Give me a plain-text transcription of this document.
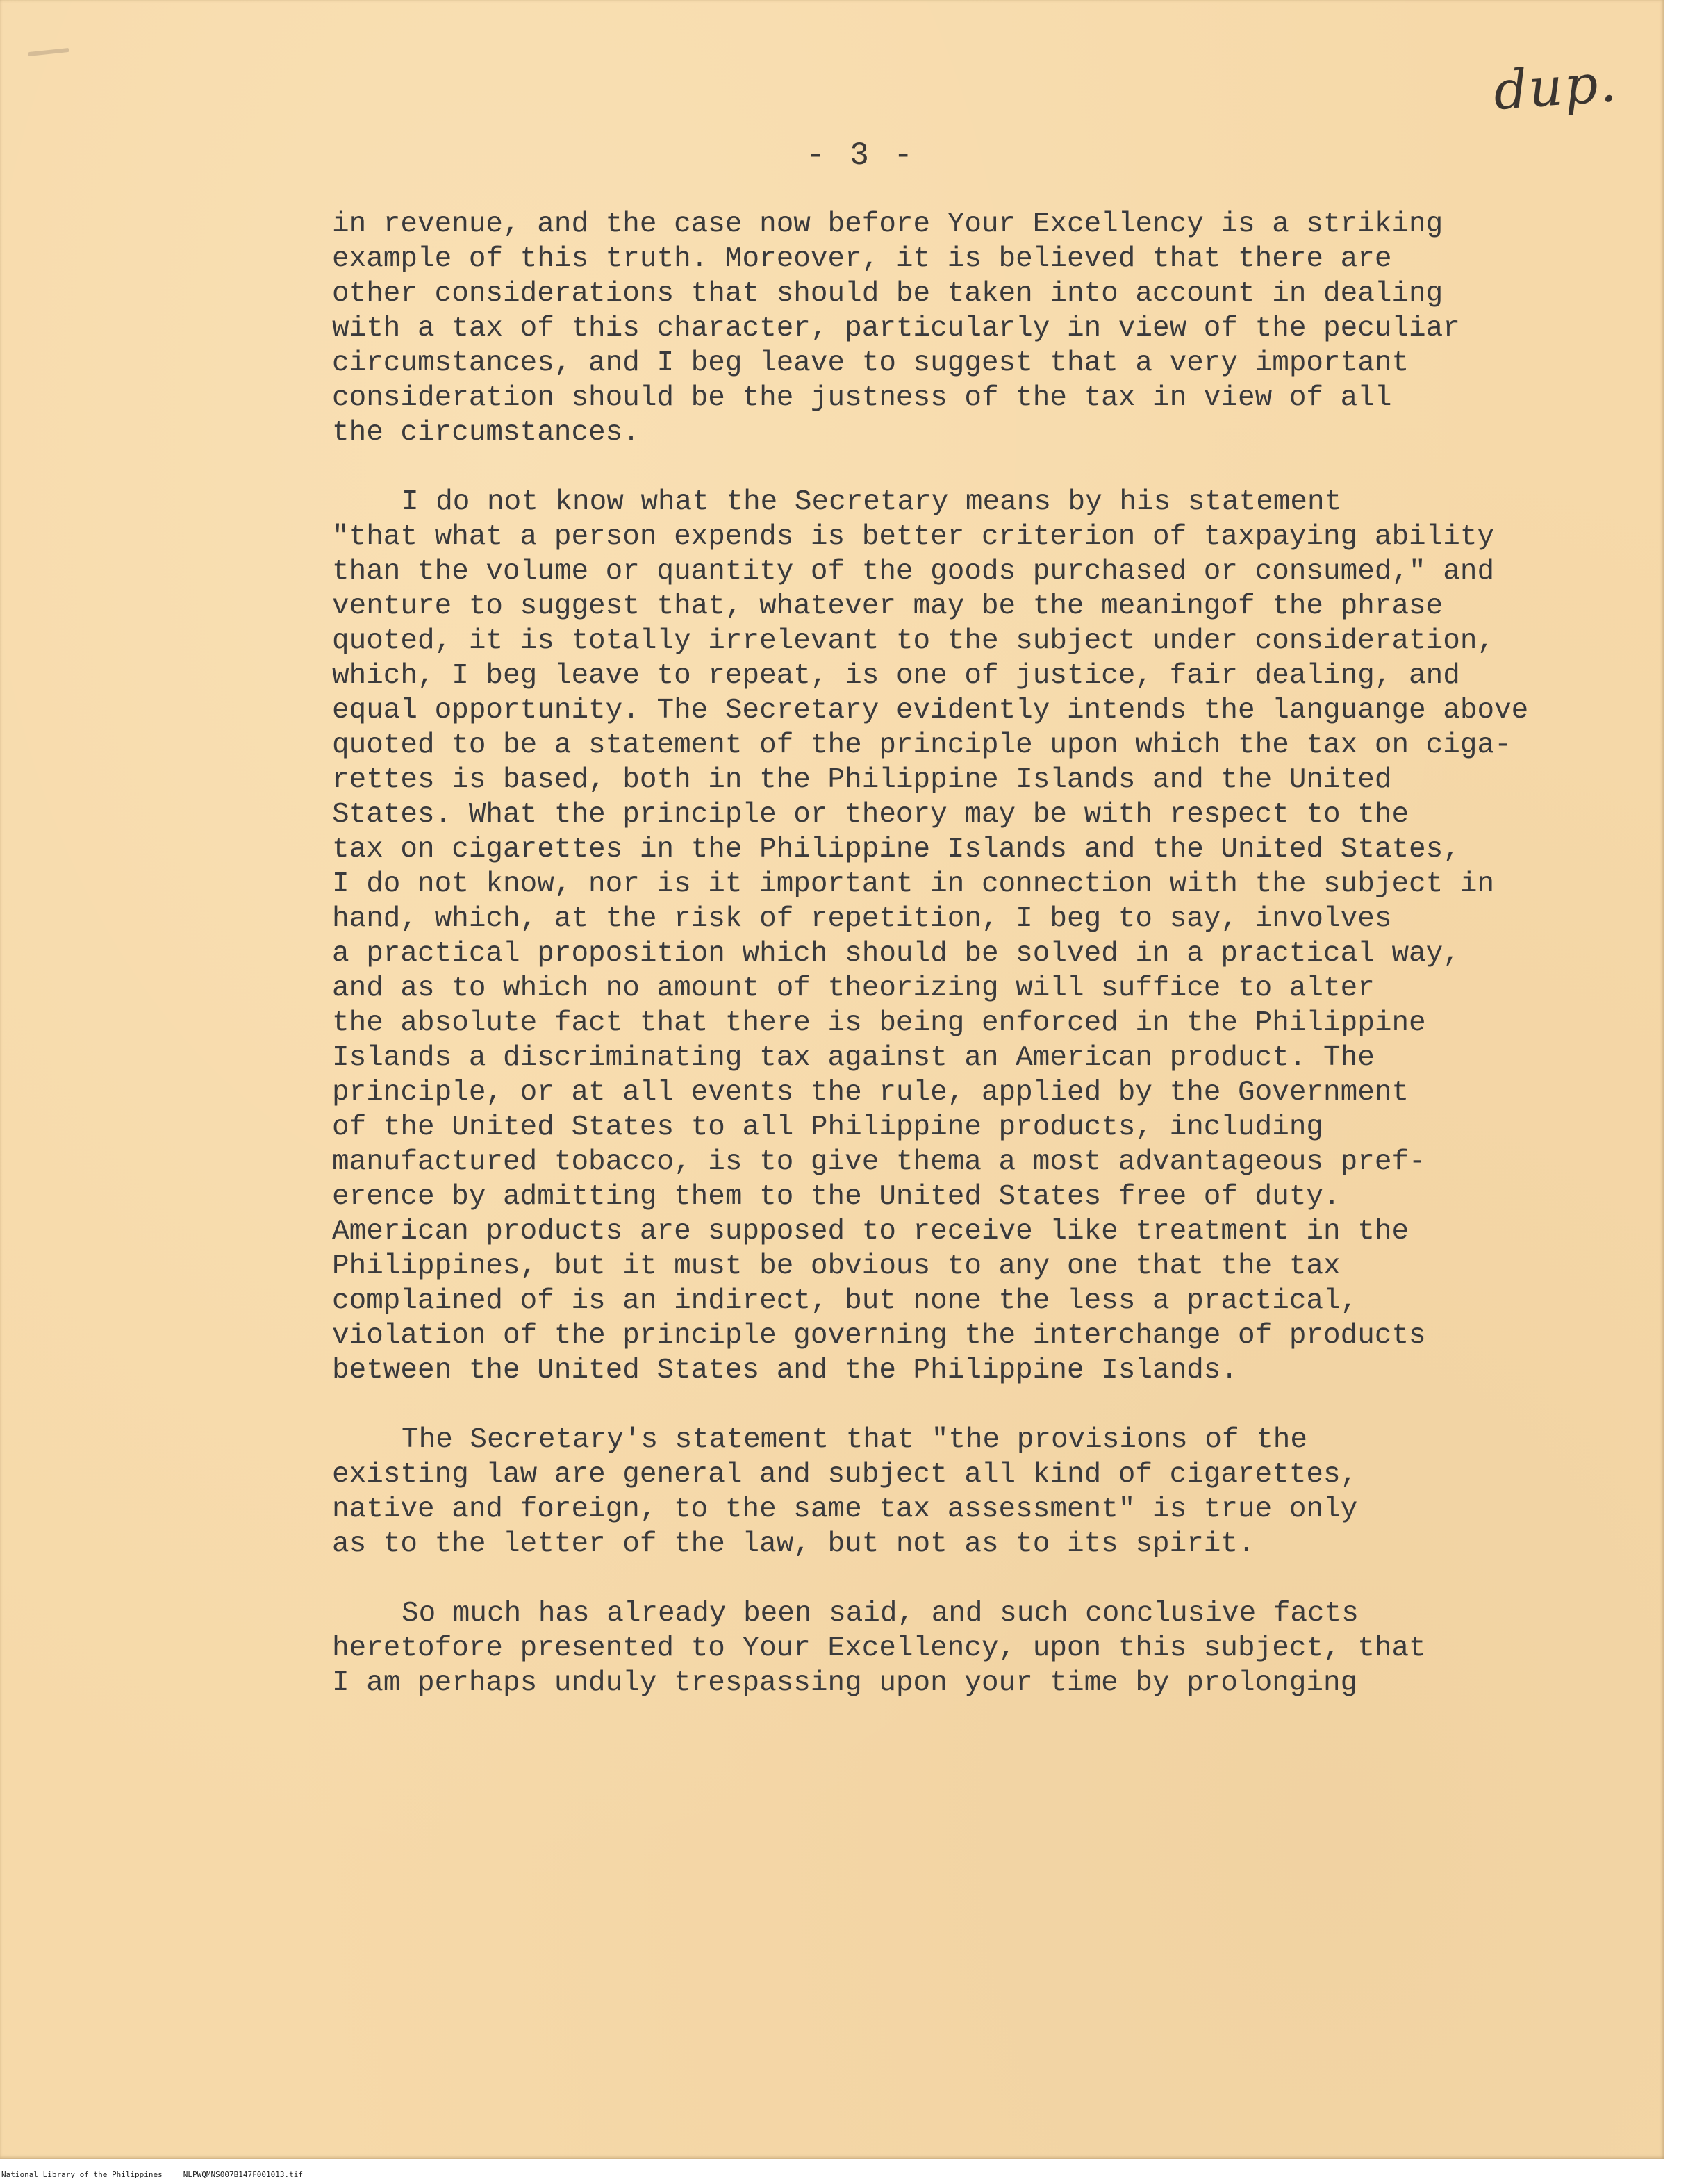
dup.
- 3 -
in revenue, and the case now before Your Excellency is a striking
example of this truth. Moreover, it is believed that there are
other considerations that should be taken into account in dealing
with a tax of this character, particularly in view of the peculiar
circumstances, and I beg leave to suggest that a very important
consideration should be the justness of the tax in view of all
the circumstances.
I do not know what the Secretary means by his statement
"that what a person expends is better criterion of taxpaying ability
than the volume or quantity of the goods purchased or consumed," and
venture to suggest that, whatever may be the meaningof the phrase
quoted, it is totally irrelevant to the subject under consideration,
which, I beg leave to repeat, is one of justice, fair dealing, and
equal opportunity. The Secretary evidently intends the languange above
quoted to be a statement of the principle upon which the tax on ciga-
rettes is based, both in the Philippine Islands and the United
States. What the principle or theory may be with respect to the
tax on cigarettes in the Philippine Islands and the United States,
I do not know, nor is it important in connection with the subject in
hand, which, at the risk of repetition, I beg to say, involves
a practical proposition which should be solved in a practical way,
and as to which no amount of theorizing will suffice to alter
the absolute fact that there is being enforced in the Philippine
Islands a discriminating tax against an American product. The
principle, or at all events the rule, applied by the Government
of the United States to all Philippine products, including
manufactured tobacco, is to give thema a most advantageous pref-
erence by admitting them to the United States free of duty.
American products are supposed to receive like treatment in the
Philippines, but it must be obvious to any one that the tax
complained of is an indirect, but none the less a practical,
violation of the principle governing the interchange of products
between the United States and the Philippine Islands.
The Secretary's statement that "the provisions of the
existing law are general and subject all kind of cigarettes,
native and foreign, to the same tax assessment" is true only
as to the letter of the law, but not as to its spirit.
So much has already been said, and such conclusive facts
heretofore presented to Your Excellency, upon this subject, that
I am perhaps unduly trespassing upon your time by prolonging
National Library of the Philippines	NLPWQMNS007B147F001013.tif
